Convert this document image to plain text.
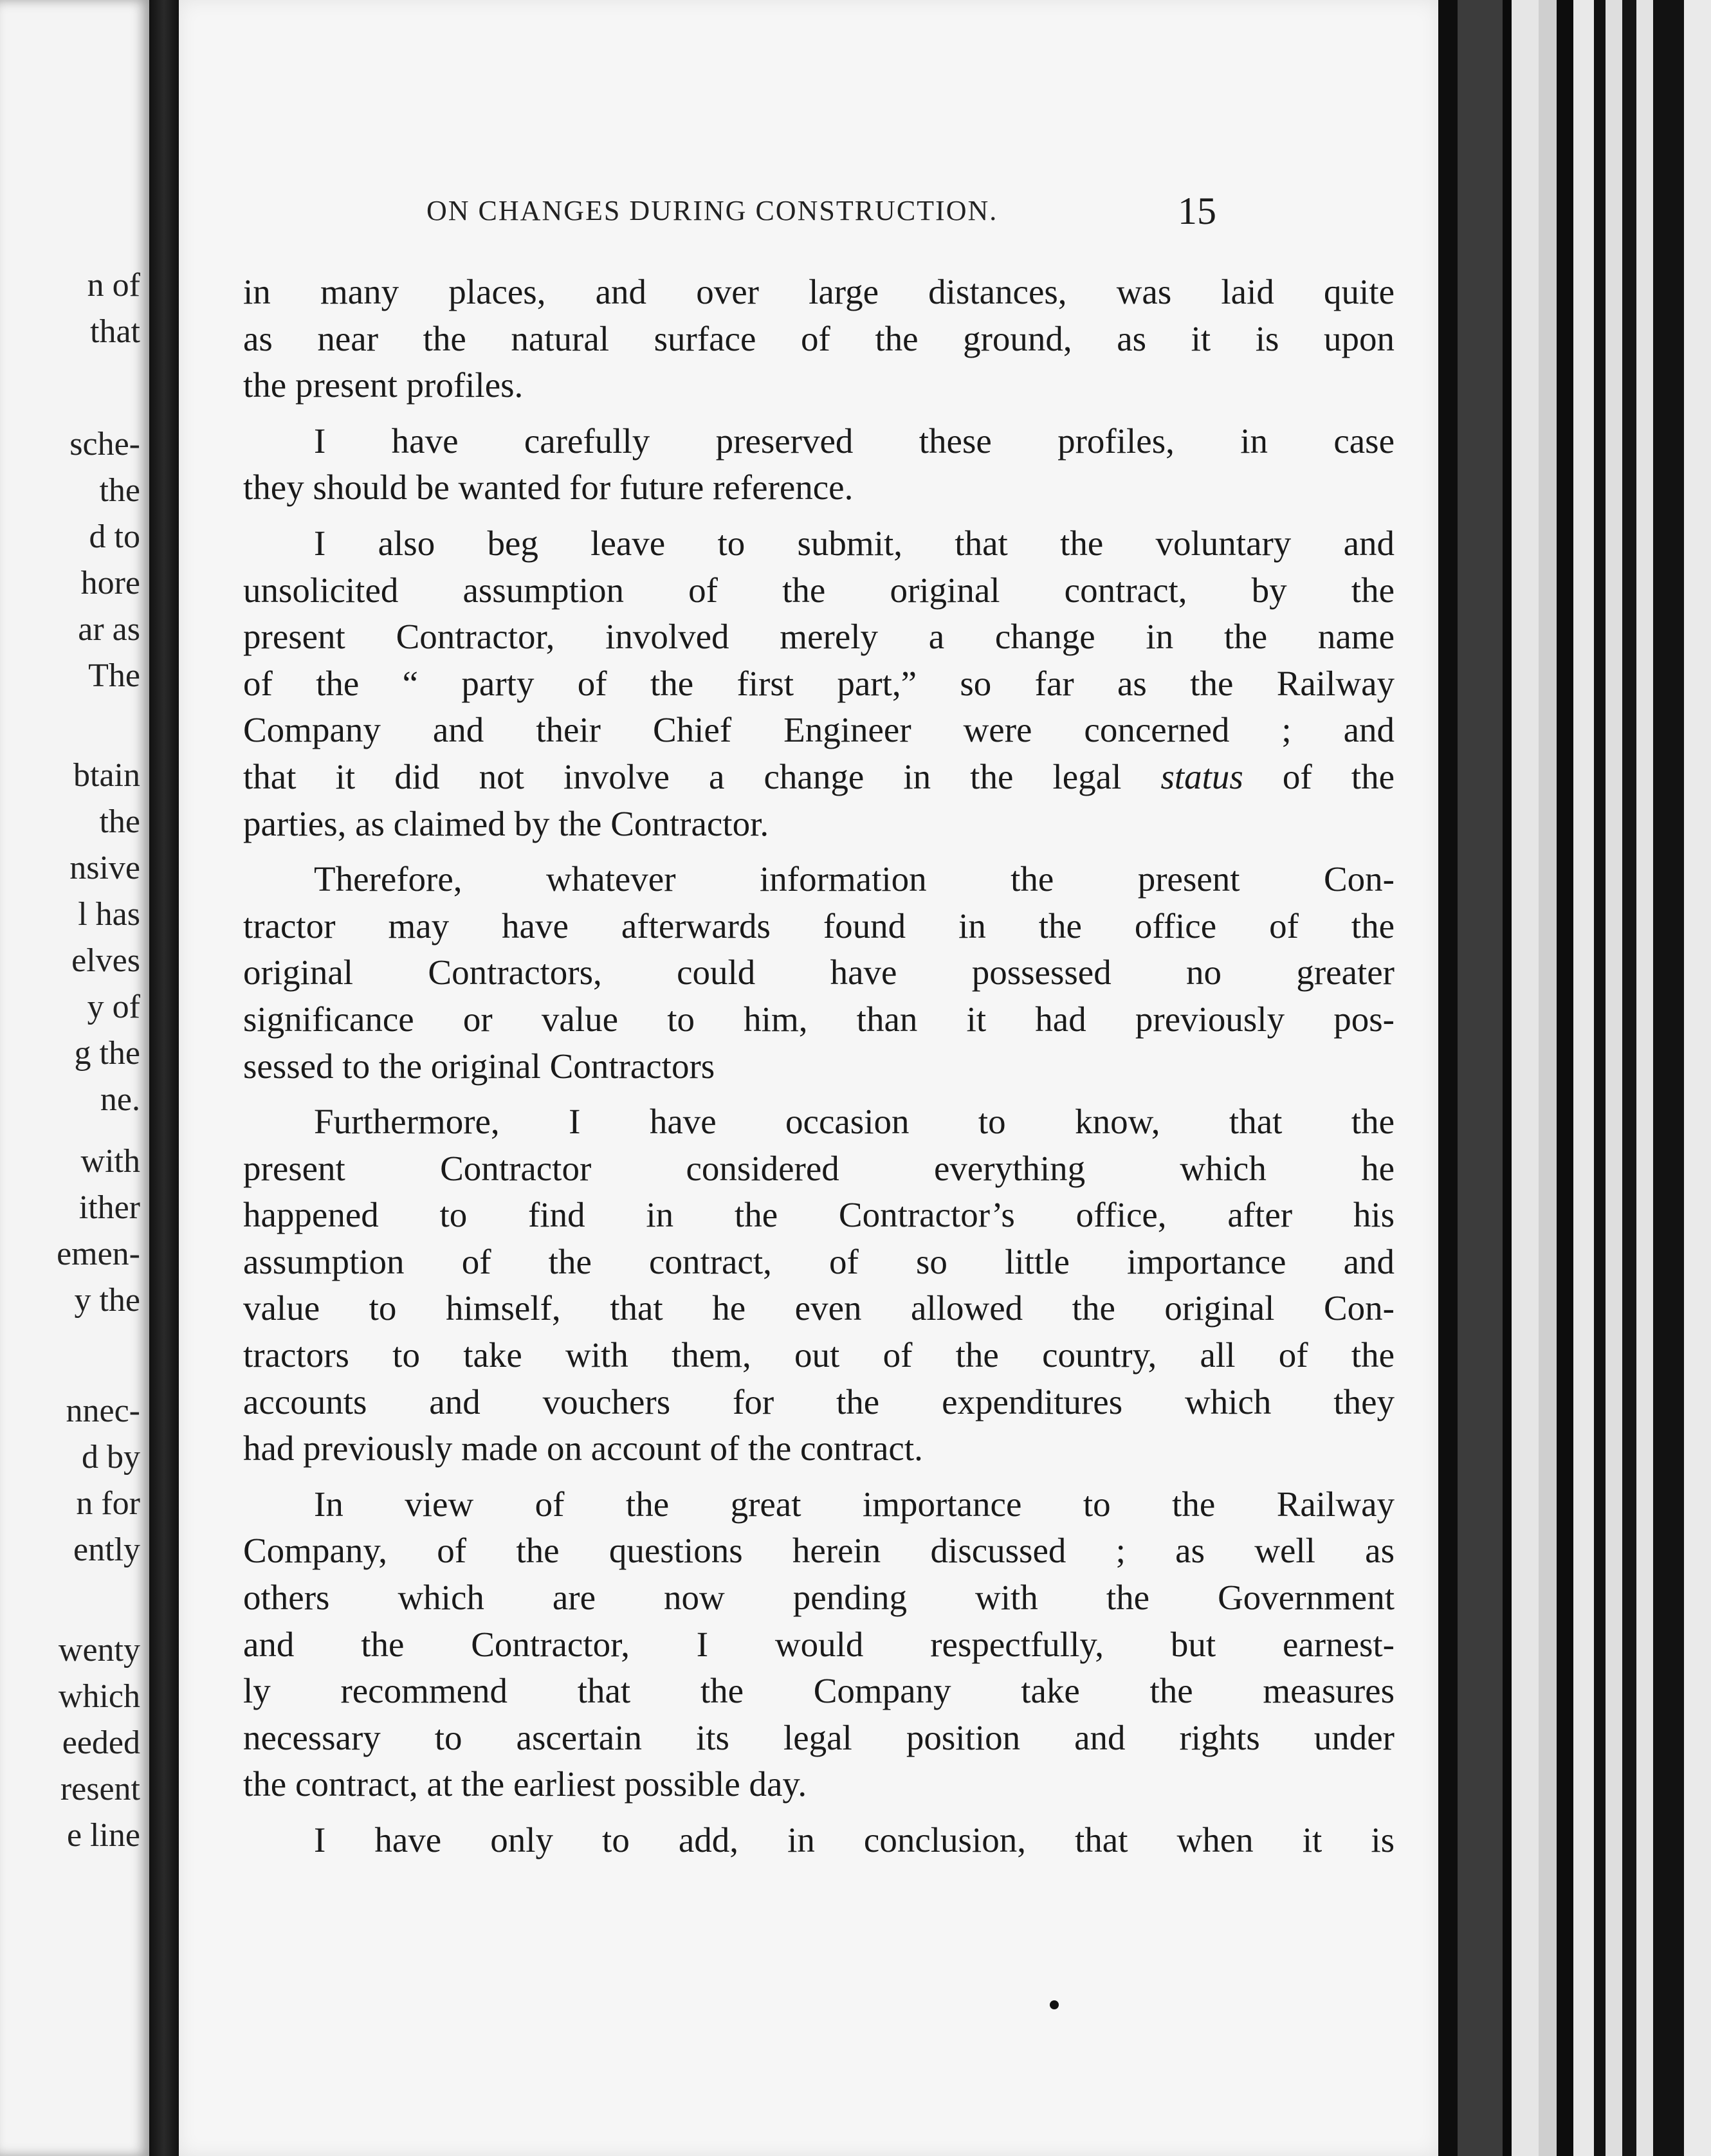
n of
that
sche-
the
d to
hore
ar as
The
btain
the
nsive
l has
elves
y of
g the
ne.
with
ither
emen-
y the
nnec-
d by
n for
ently
wenty
which
eeded
resent
e line
ON CHANGES DURING CONSTRUCTION.	15
in many places, and over large distances, was laid quite
as near the natural surface of the ground, as it is upon
the present profiles.
I have carefully preserved these profiles, in case
they should be wanted for future reference.
I also beg leave to submit, that the voluntary and
unsolicited assumption of the original contract, by the
present Contractor, involved merely a change in the name
of the “ party of the first part,” so far as the Railway
Company and their Chief Engineer were concerned ; and
that it did not involve a change in the legal status of the
parties, as claimed by the Contractor.
Therefore, whatever information the present Con-
tractor may have afterwards found in the office of the
original Contractors, could have possessed no greater
significance or value to him, than it had previously pos-
sessed to the original Contractors
Furthermore, I have occasion to know, that the
present Contractor considered everything which he
happened to find in the Contractor’s office, after his
assumption of the contract, of so little importance and
value to himself, that he even allowed the original Con-
tractors to take with them, out of the country, all of the
accounts and vouchers for the expenditures which they
had previously made on account of the contract.
In view of the great importance to the Railway
Company, of the questions herein discussed ; as well as
others which are now pending with the Government
and the Contractor, I would respectfully, but earnest-
ly recommend that the Company take the measures
necessary to ascertain its legal position and rights under
the contract, at the earliest possible day.
I have only to add, in conclusion, that when it is
